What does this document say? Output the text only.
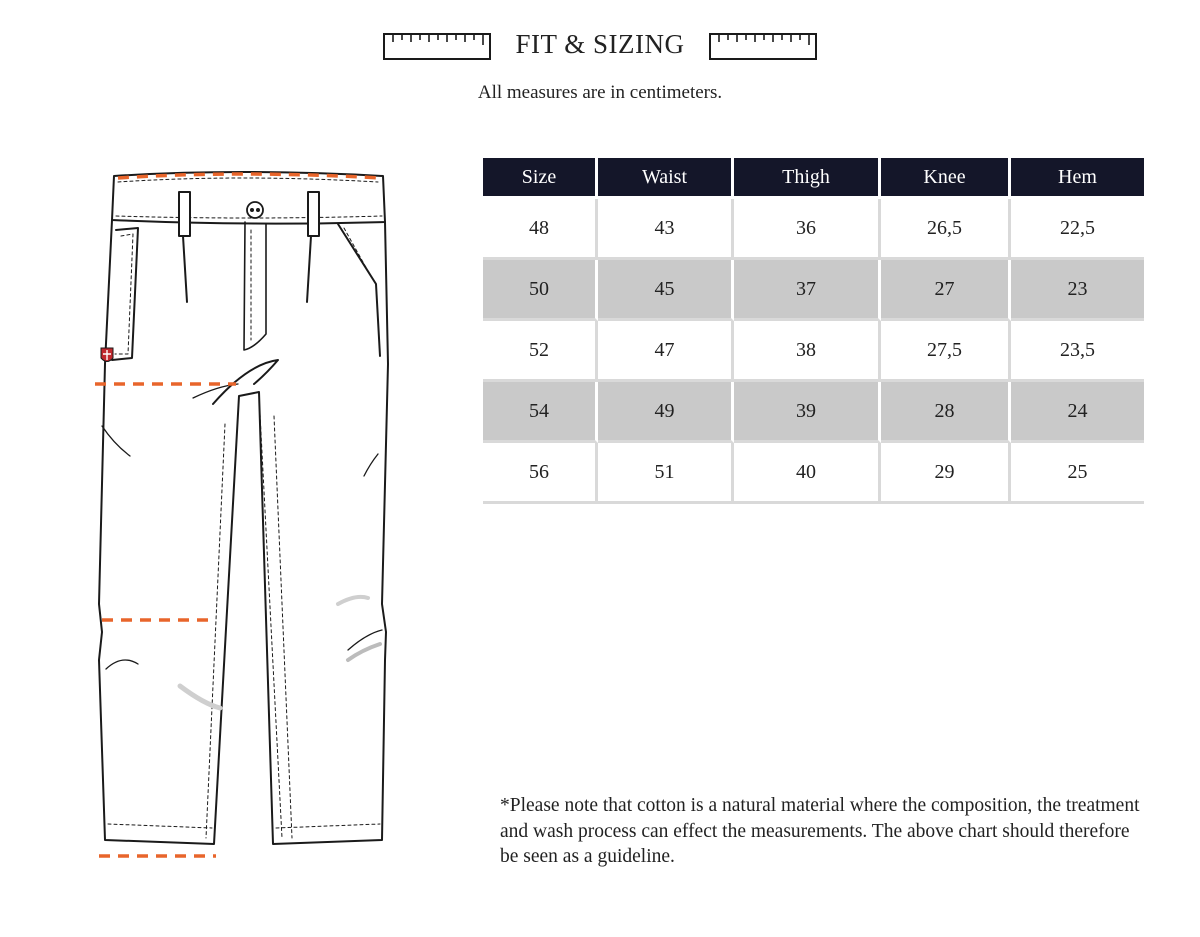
FIT & SIZING
All measures are in centimeters.
Size	Waist	Thigh	Knee	Hem
48	43	36	26,5	22,5
50	45	37	27	23
52	47	38	27,5	23,5
54	49	39	28	24
56	51	40	29	25
*Please note that cotton is a natural material where the composition, the treatment and wash process can effect the measurements. The above chart should therefore be seen as a guideline.
